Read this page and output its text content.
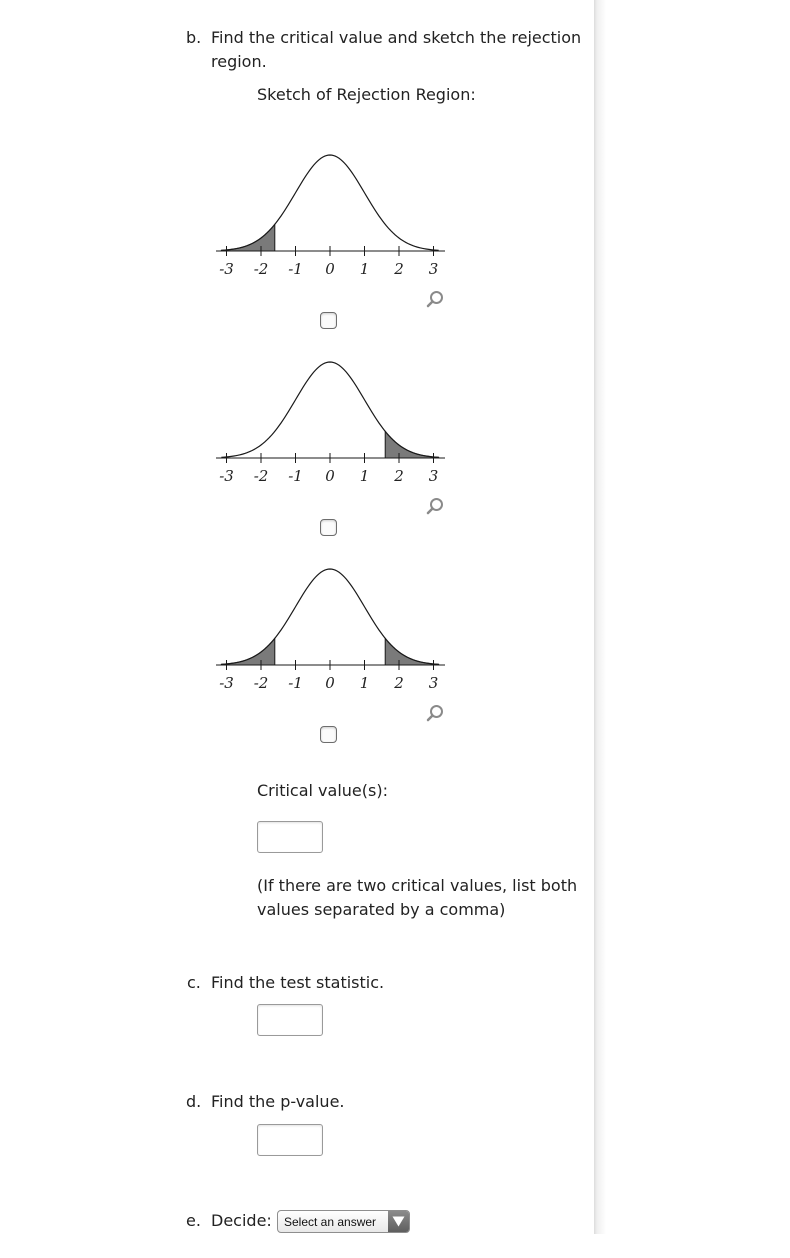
b. Find the critical value and sketch the rejection region.
Sketch of Rejection Region:
-3 -2 -1 0 1 2 3
-3 -2 -1 0 1 2 3
-3 -2 -1 0 1 2 3
Critical value(s):
(If there are two critical values, list both values separated by a comma)
c. Find the test statistic.
d. Find the p-value.
e. Decide: Select an answer
